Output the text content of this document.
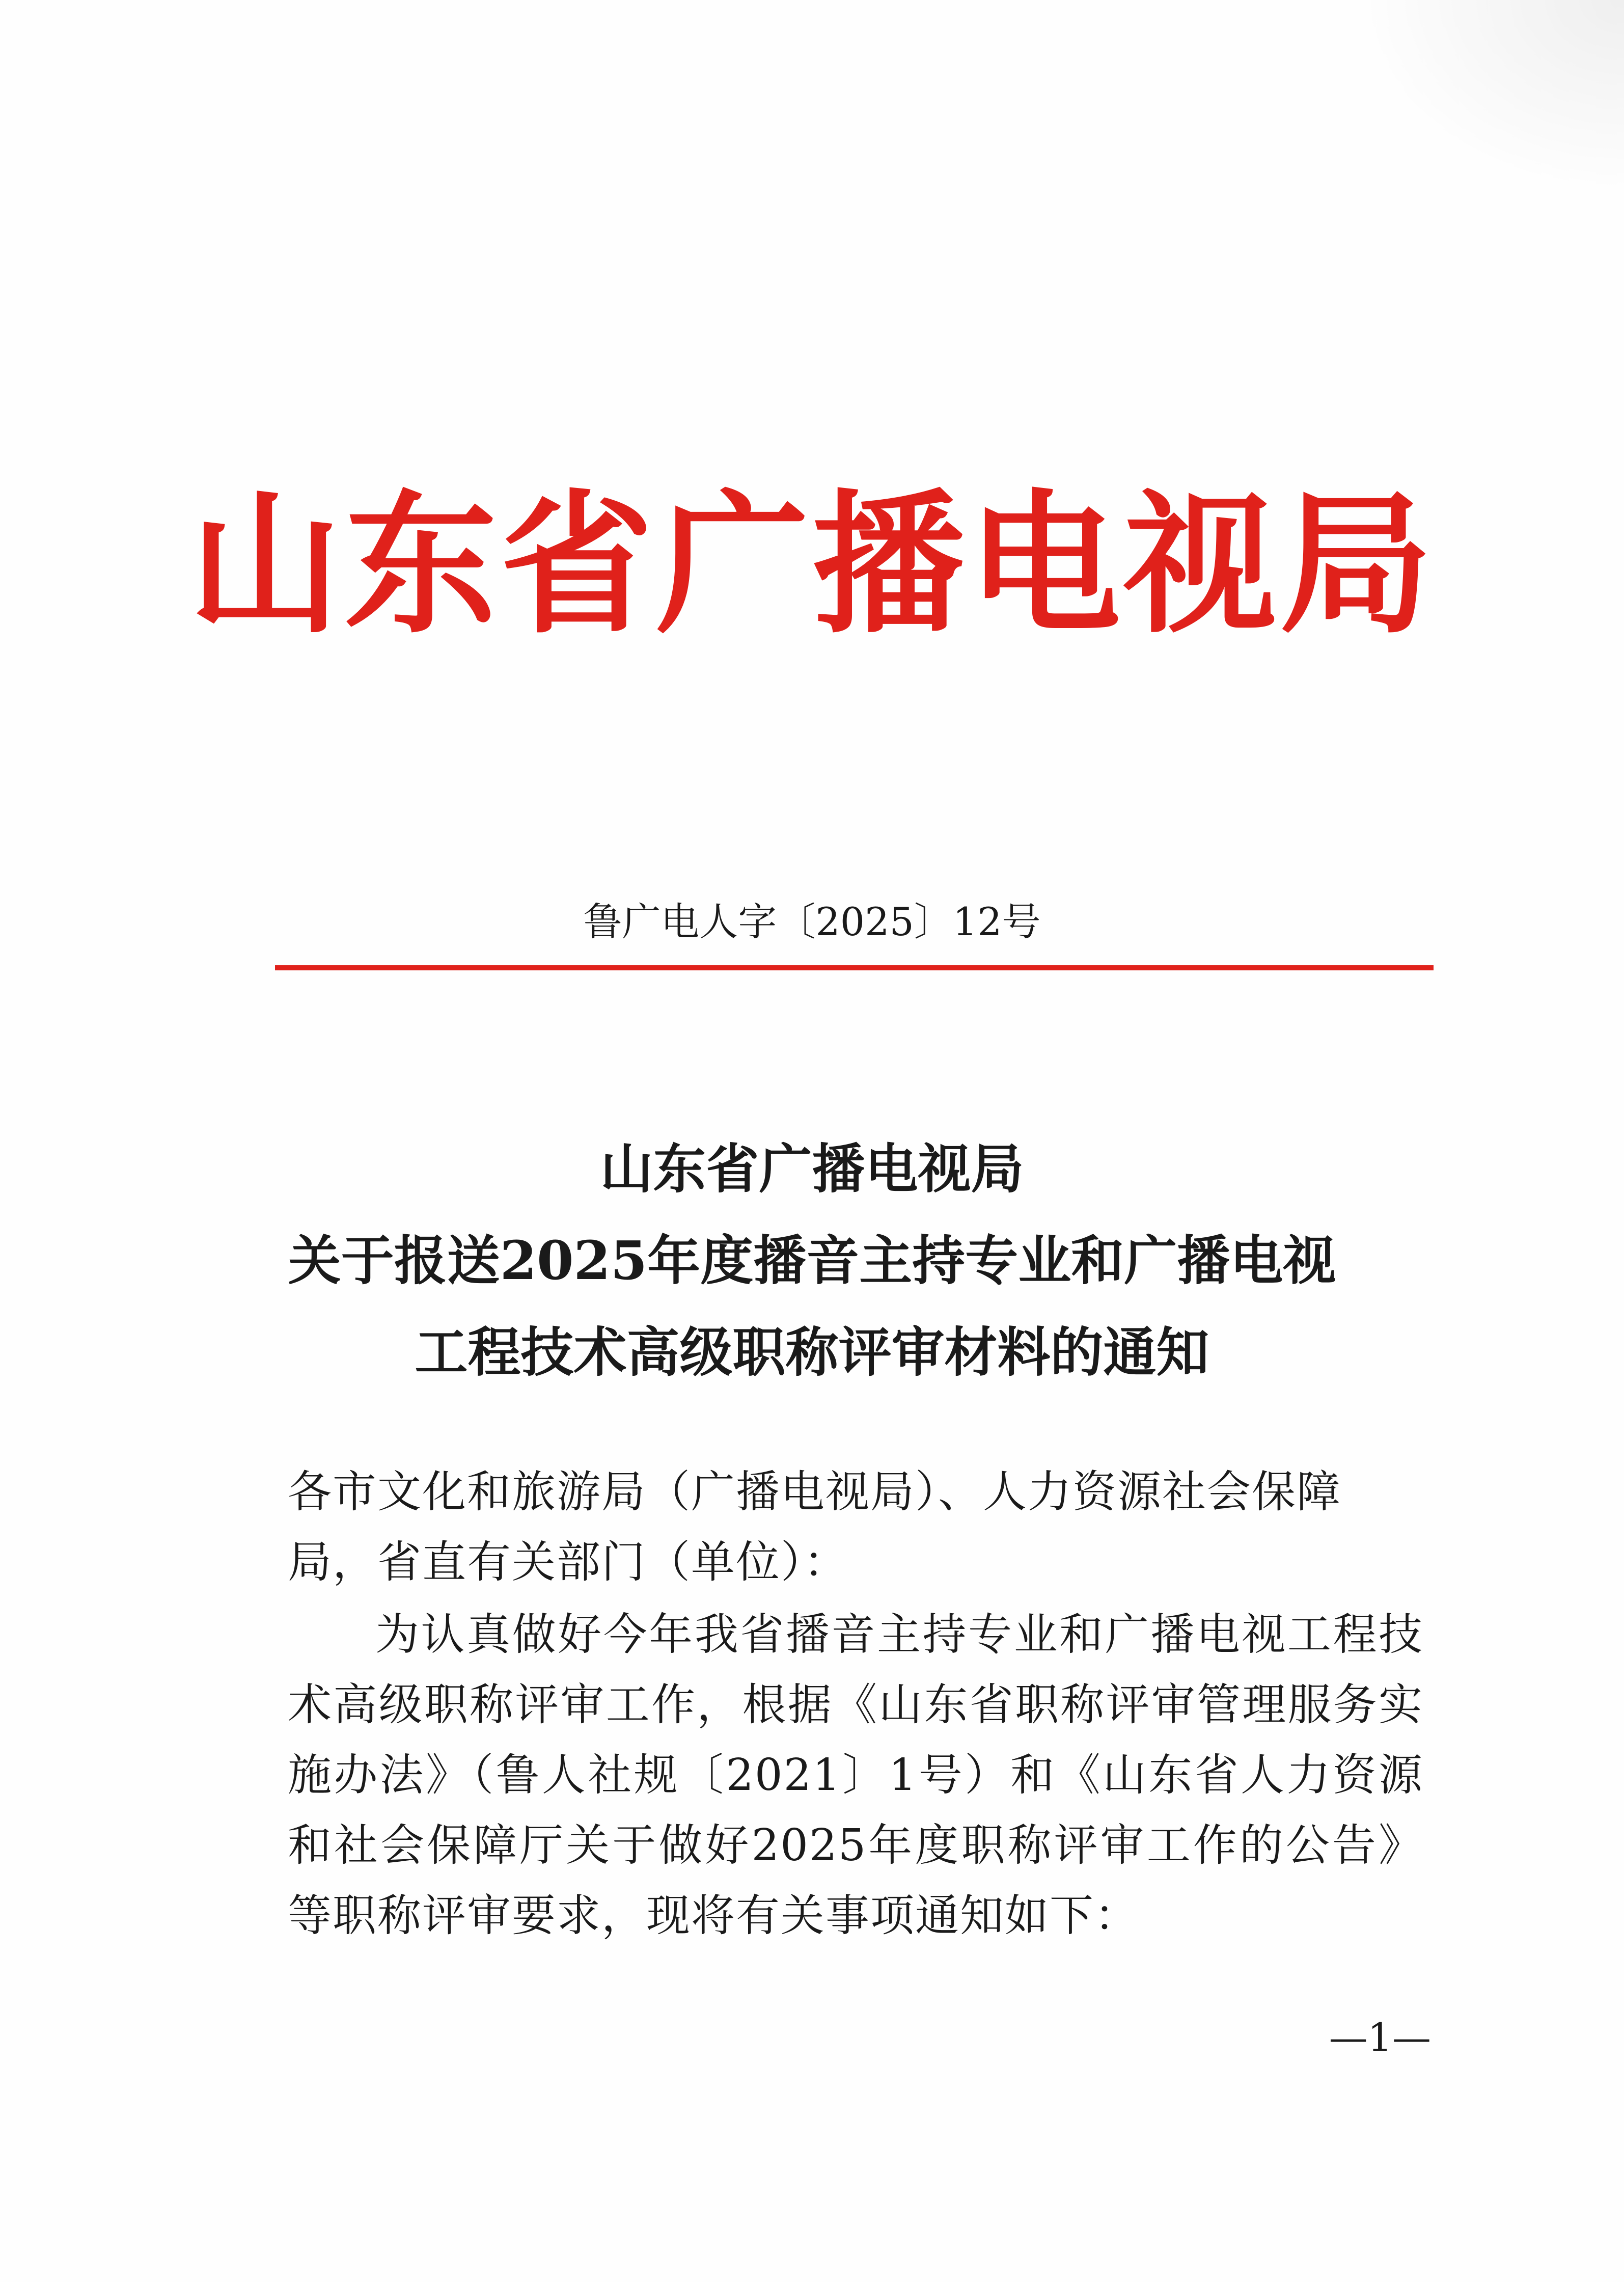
山东省广播电视局
鲁广电人字〔2025〕12号
山东省广播电视局
关于报送2025年度播音主持专业和广播电视
工程技术高级职称评审材料的通知
各市文化和旅游局（广播电视局）、人力资源社会保障局，省直有关部门（单位）：
为认真做好今年我省播音主持专业和广播电视工程技术高级职称评审工作，根据《山东省职称评审管理服务实施办法》（鲁人社规〔2021〕1号）和《山东省人力资源和社会保障厅关于做好2025年度职称评审工作的公告》等职称评审要求，现将有关事项通知如下：
—1—
